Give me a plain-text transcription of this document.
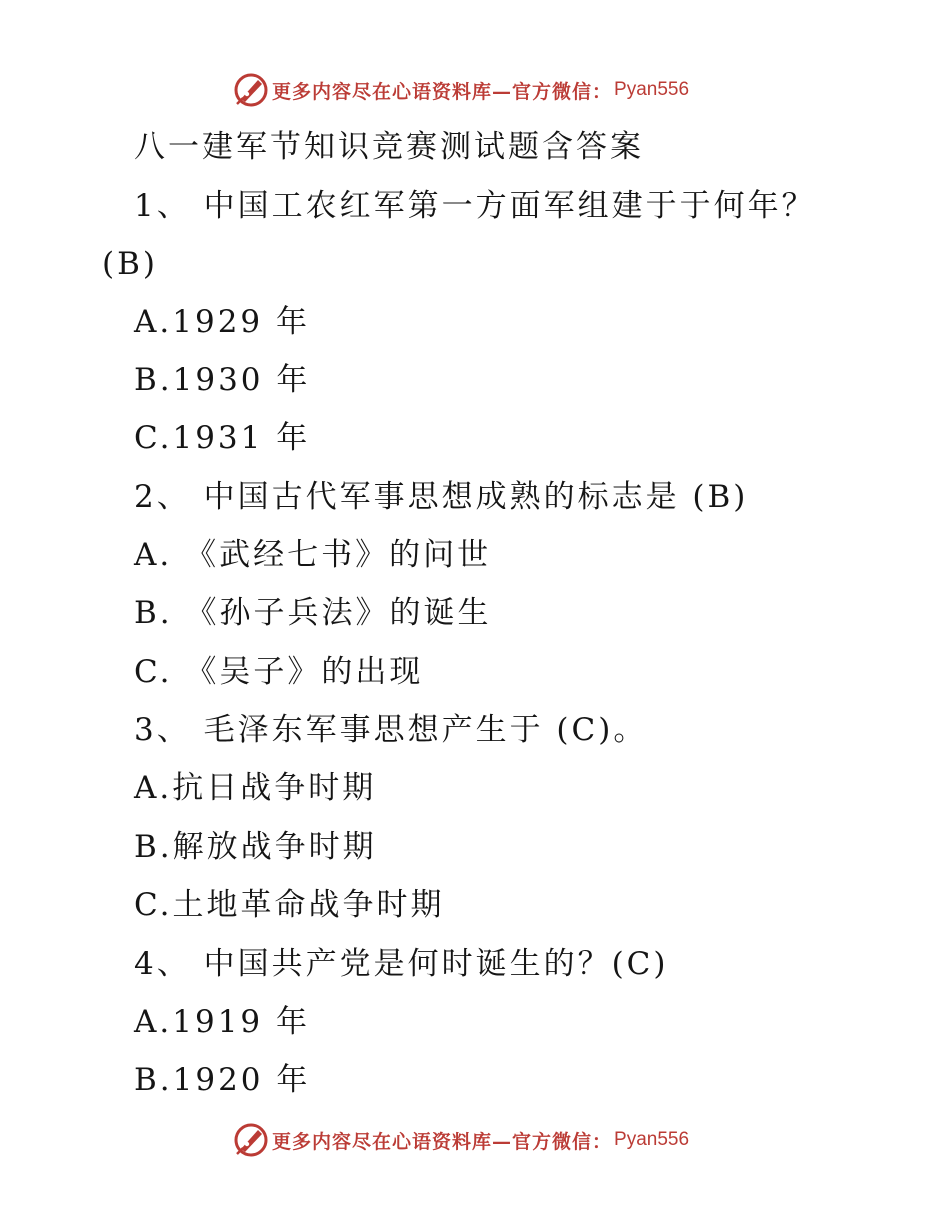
更多内容尽在心语资料库—官方微信： Pyan556
八一建军节知识竞赛测试题含答案
1、 中国工农红军第一方面军组建于于何年？
(B)
A.1929 年
B.1930 年
C.1931 年
2、 中国古代军事思想成熟的标志是 (B)
A. 《武经七书》的问世
B. 《孙子兵法》的诞生
C. 《吴子》的出现
3、 毛泽东军事思想产生于 (C)。
A.抗日战争时期
B.解放战争时期
C.土地革命战争时期
4、 中国共产党是何时诞生的？(C)
A.1919 年
B.1920 年
更多内容尽在心语资料库—官方微信： Pyan556
